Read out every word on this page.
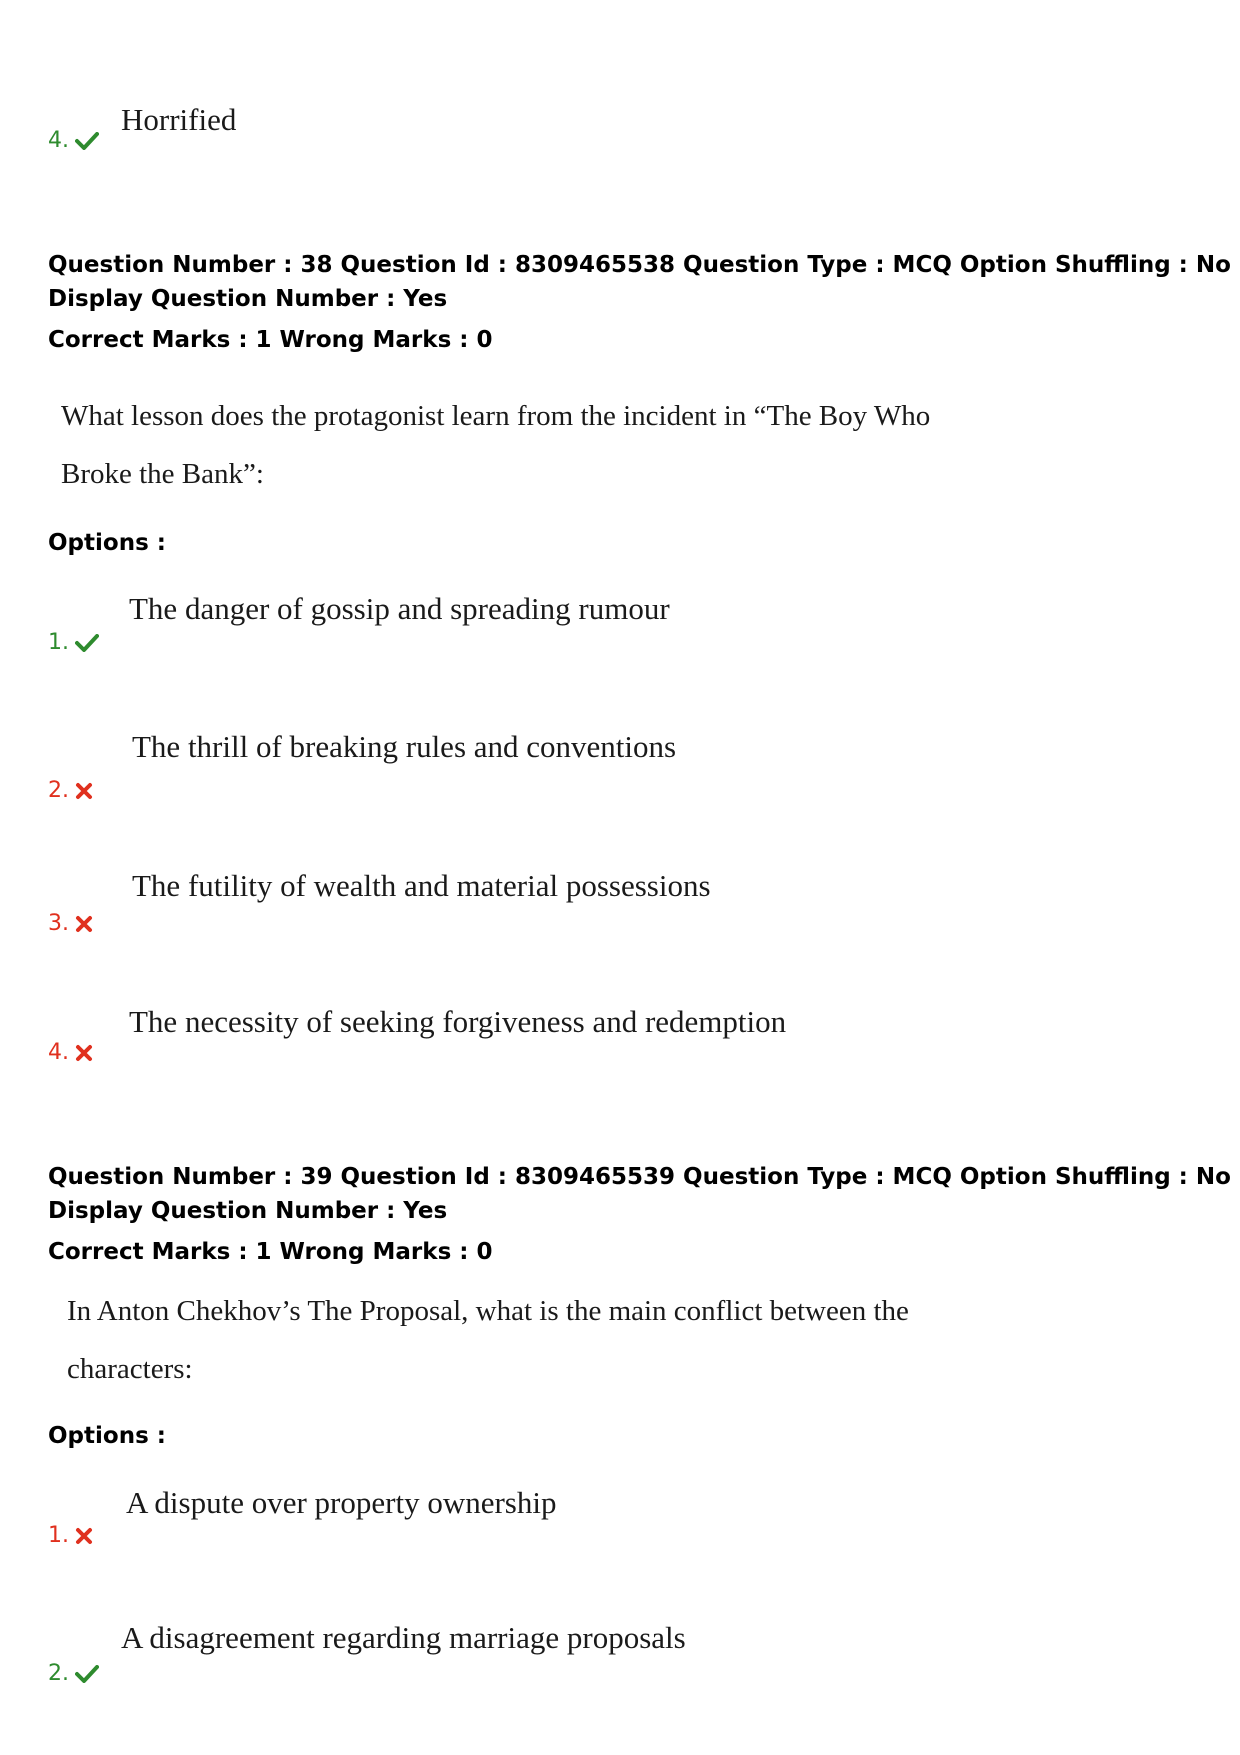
4.
Horrified
Question Number : 38 Question Id : 8309465538 Question Type : MCQ Option Shuffling : No
Display Question Number : Yes
Correct Marks : 1 Wrong Marks : 0
What lesson does the protagonist learn from the incident in “The Boy Who
Broke the Bank”:
Options :
1.
The danger of gossip and spreading rumour
2.
The thrill of breaking rules and conventions
3.
The futility of wealth and material possessions
4.
The necessity of seeking forgiveness and redemption
Question Number : 39 Question Id : 8309465539 Question Type : MCQ Option Shuffling : No
Display Question Number : Yes
Correct Marks : 1 Wrong Marks : 0
In Anton Chekhov’s The Proposal, what is the main conflict between the
characters:
Options :
1.
A dispute over property ownership
2.
A disagreement regarding marriage proposals
